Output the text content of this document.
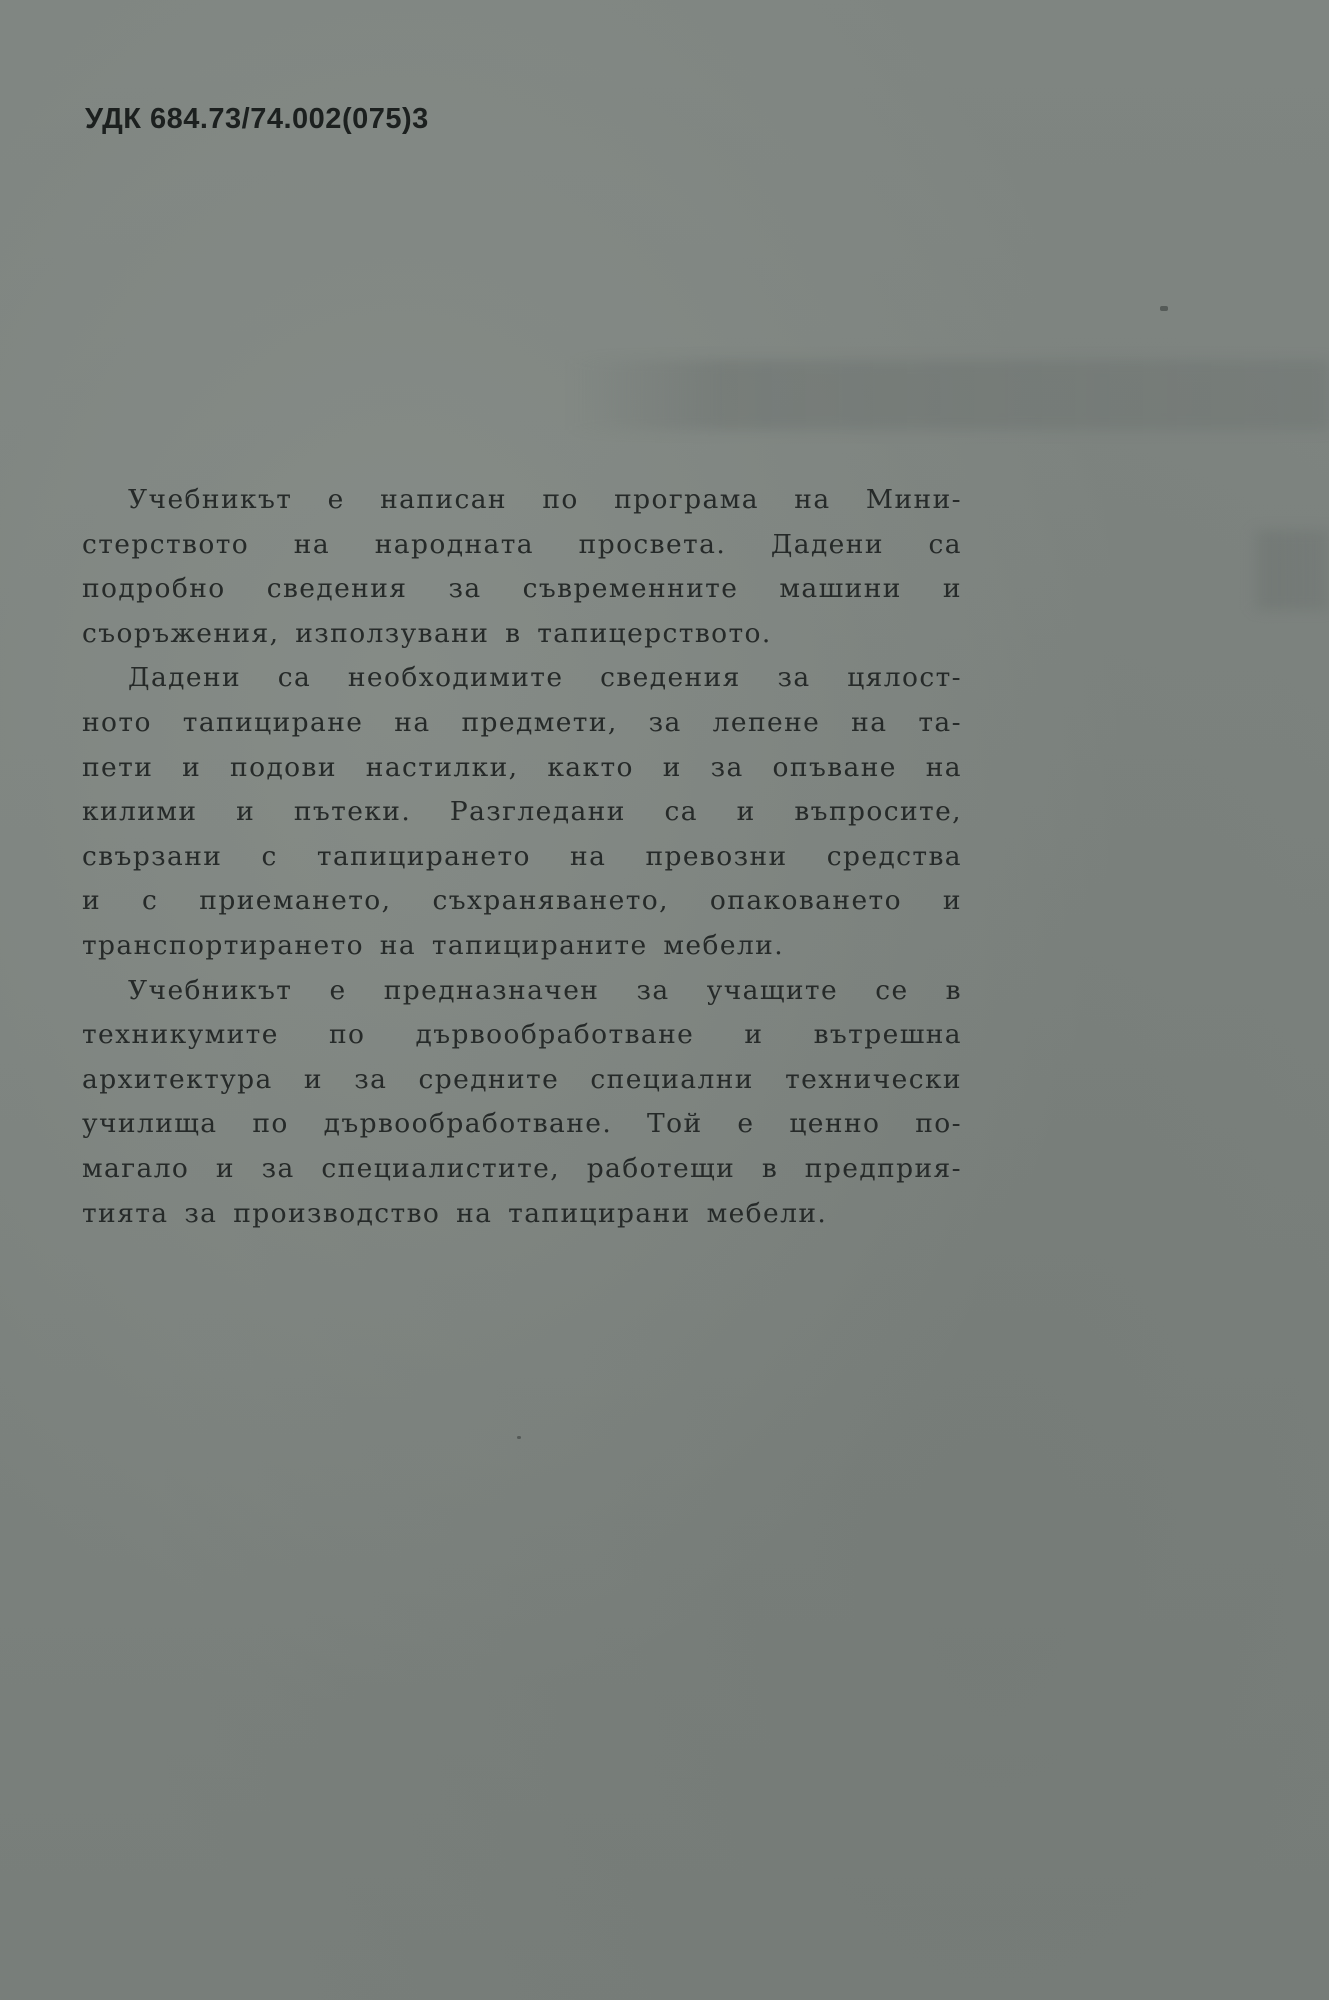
УДК 684.73/74.002(075)3
Учебникът е написан по програма на Мини-
стерството на народната просвета. Дадени са
подробно сведения за съвременните машини и
съоръжения, използувани в тапицерството.
Дадени са необходимите сведения за цялост-
ното тапициране на предмети, за лепене на та-
пети и подови настилки, както и за опъване на
килими и пътеки. Разгледани са и въпросите,
свързани с тапицирането на превозни средства
и с приемането, съхраняването, опаковането и
транспортирането на тапицираните мебели.
Учебникът е предназначен за учащите се в
техникумите по дървообработване и вътрешна
архитектура и за средните специални технически
училища по дървообработване. Той е ценно по-
магало и за специалистите, работещи в предприя-
тията за производство на тапицирани мебели.
